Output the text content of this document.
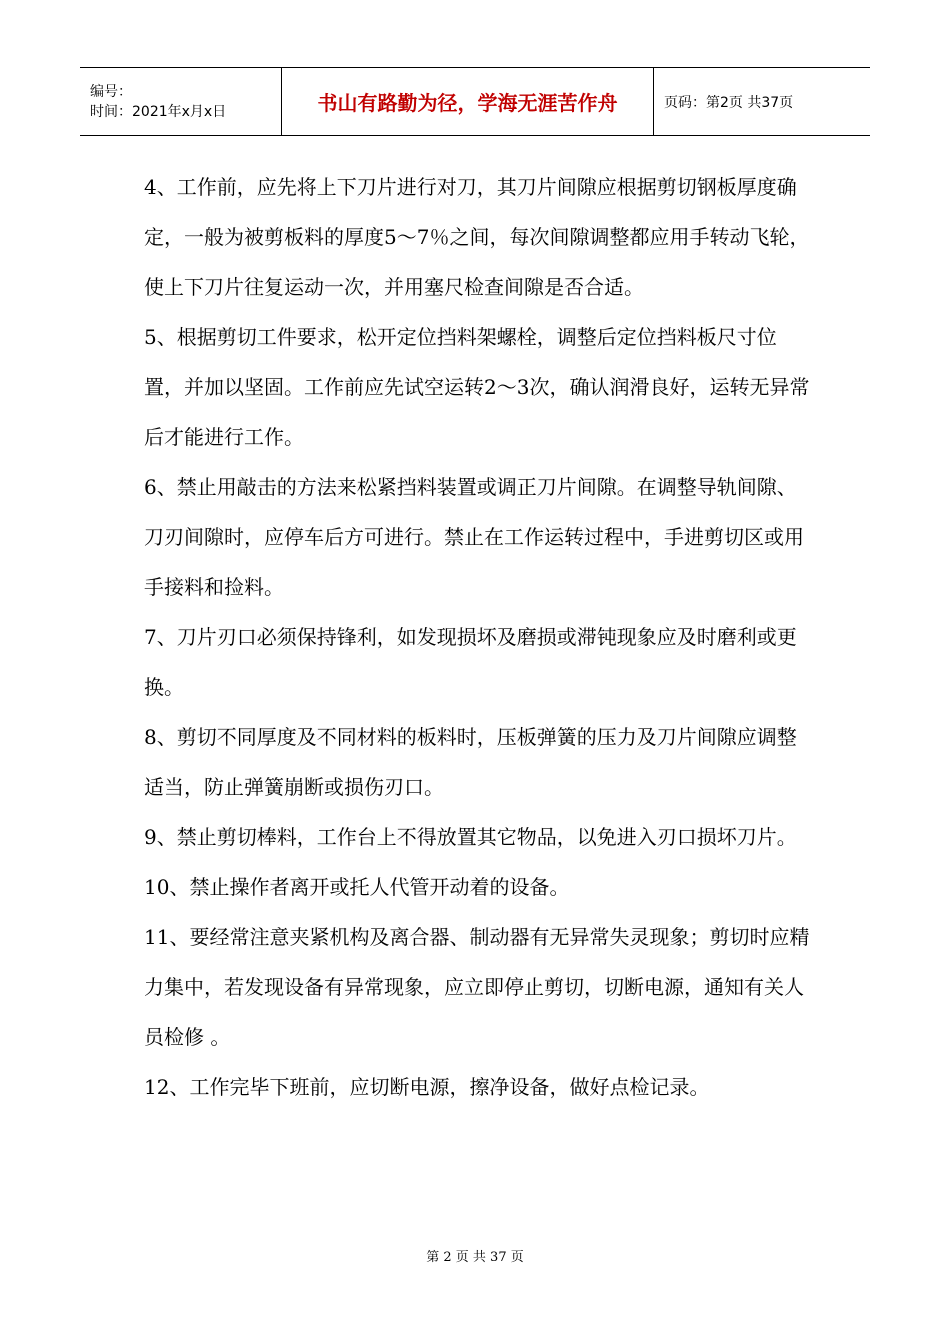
编号：
时间：2021年x月x日	书山有路勤为径，学海无涯苦作舟	页码：第2页 共37页

4、工作前，应先将上下刀片进行对刀，其刀片间隙应根据剪切钢板厚度确定，一般为被剪板料的厚度5～7％之间，每次间隙调整都应用手转动飞轮，使上下刀片往复运动一次，并用塞尺检查间隙是否合适。

5、根据剪切工件要求，松开定位挡料架螺栓，调整后定位挡料板尺寸位置，并加以坚固。工作前应先试空运转2～3次，确认润滑良好，运转无异常后才能进行工作。

6、禁止用敲击的方法来松紧挡料装置或调正刀片间隙。在调整导轨间隙、刀刃间隙时，应停车后方可进行。禁止在工作运转过程中，手进剪切区或用手接料和捡料。

7、刀片刃口必须保持锋利，如发现损坏及磨损或滞钝现象应及时磨利或更换。

8、剪切不同厚度及不同材料的板料时，压板弹簧的压力及刀片间隙应调整适当，防止弹簧崩断或损伤刃口。

9、禁止剪切棒料，工作台上不得放置其它物品，以免进入刃口损坏刀片。

10、禁止操作者离开或托人代管开动着的设备。

11、要经常注意夹紧机构及离合器、制动器有无异常失灵现象；剪切时应精力集中，若发现设备有异常现象，应立即停止剪切，切断电源，通知有关人员检修 。

12、工作完毕下班前，应切断电源，擦净设备，做好点检记录。

第 2 页 共 37 页
